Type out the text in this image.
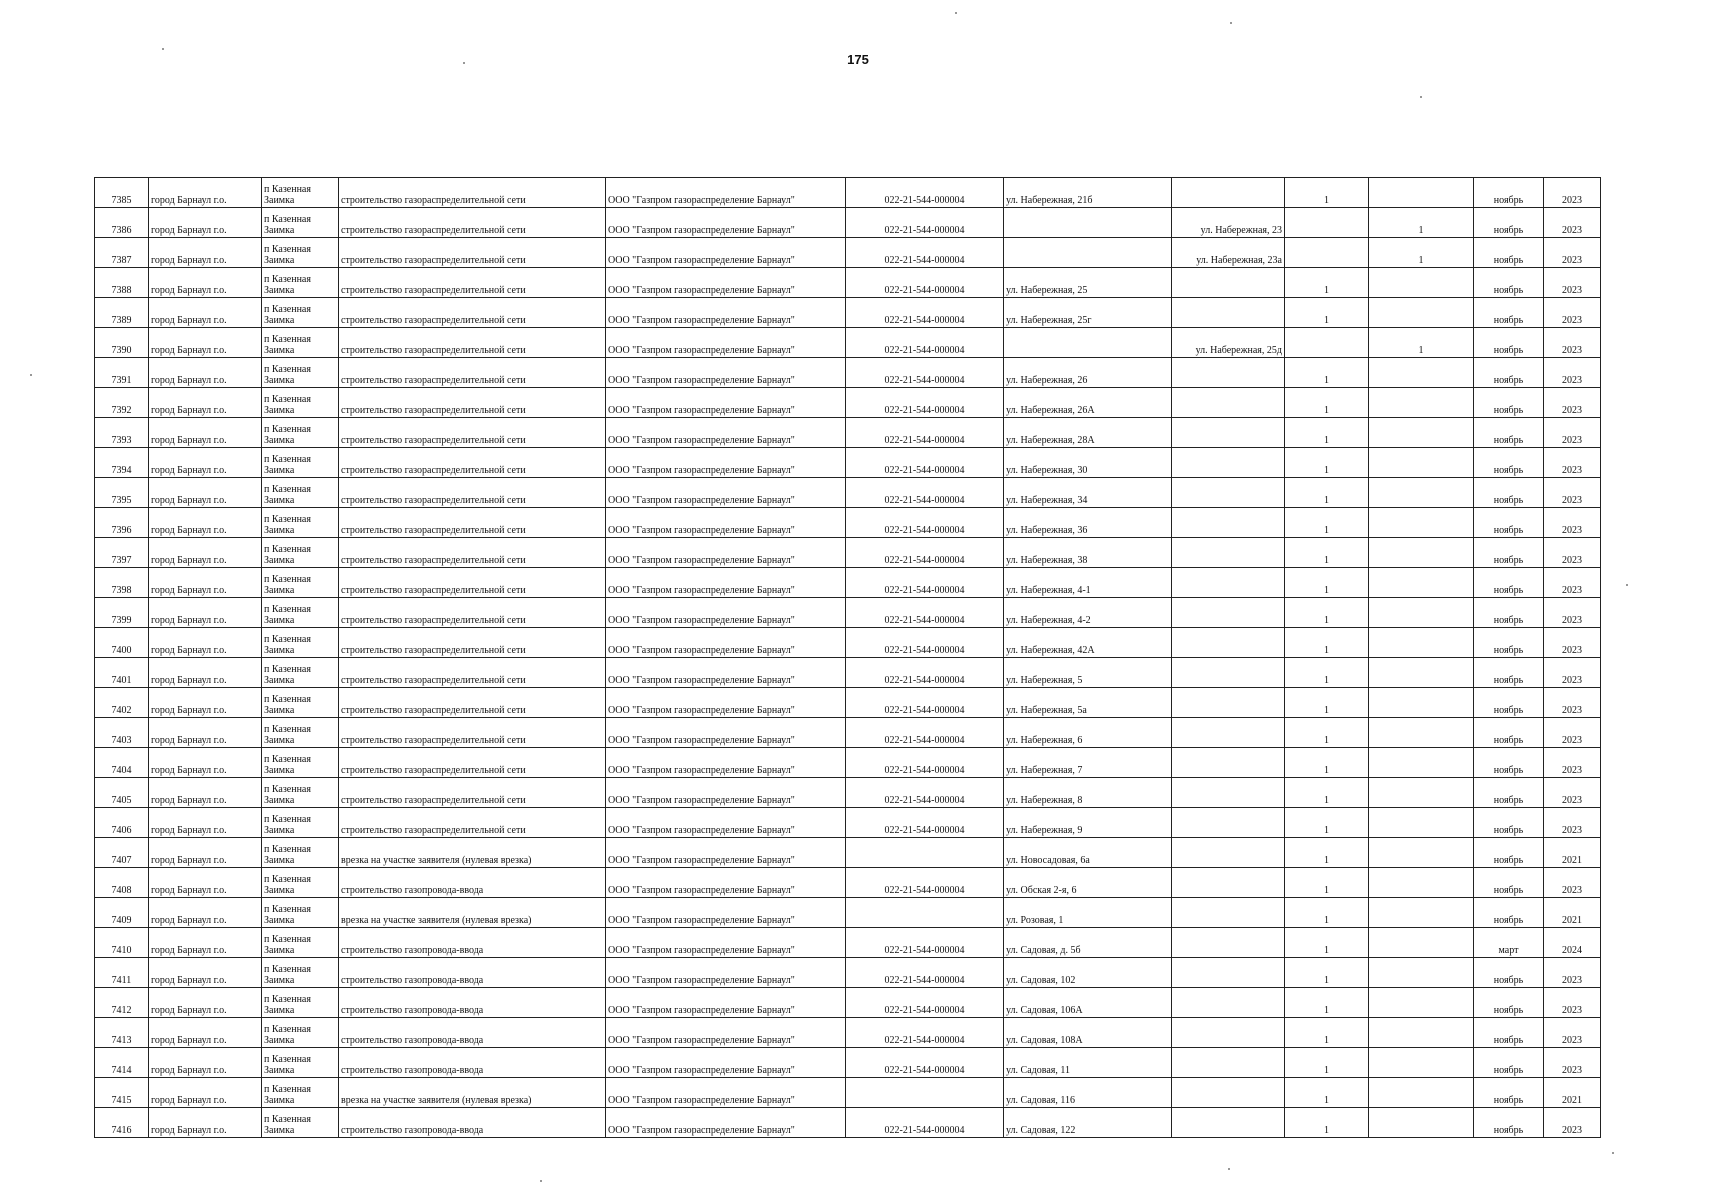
175
7385	город Барнаул г.о.	п Казенная Заимка	строительство газораспределительной сети	ООО "Газпром газораспределение Барнаул"	022-21-544-000004	ул. Набережная, 21б		1		ноябрь	2023
7386	город Барнаул г.о.	п Казенная Заимка	строительство газораспределительной сети	ООО "Газпром газораспределение Барнаул"	022-21-544-000004		ул. Набережная, 23		1	ноябрь	2023
7387	город Барнаул г.о.	п Казенная Заимка	строительство газораспределительной сети	ООО "Газпром газораспределение Барнаул"	022-21-544-000004		ул. Набережная, 23а		1	ноябрь	2023
7388	город Барнаул г.о.	п Казенная Заимка	строительство газораспределительной сети	ООО "Газпром газораспределение Барнаул"	022-21-544-000004	ул. Набережная, 25		1		ноябрь	2023
7389	город Барнаул г.о.	п Казенная Заимка	строительство газораспределительной сети	ООО "Газпром газораспределение Барнаул"	022-21-544-000004	ул. Набережная, 25г		1		ноябрь	2023
7390	город Барнаул г.о.	п Казенная Заимка	строительство газораспределительной сети	ООО "Газпром газораспределение Барнаул"	022-21-544-000004		ул. Набережная, 25д		1	ноябрь	2023
7391	город Барнаул г.о.	п Казенная Заимка	строительство газораспределительной сети	ООО "Газпром газораспределение Барнаул"	022-21-544-000004	ул. Набережная, 26		1		ноябрь	2023
7392	город Барнаул г.о.	п Казенная Заимка	строительство газораспределительной сети	ООО "Газпром газораспределение Барнаул"	022-21-544-000004	ул. Набережная, 26А		1		ноябрь	2023
7393	город Барнаул г.о.	п Казенная Заимка	строительство газораспределительной сети	ООО "Газпром газораспределение Барнаул"	022-21-544-000004	ул. Набережная, 28А		1		ноябрь	2023
7394	город Барнаул г.о.	п Казенная Заимка	строительство газораспределительной сети	ООО "Газпром газораспределение Барнаул"	022-21-544-000004	ул. Набережная, 30		1		ноябрь	2023
7395	город Барнаул г.о.	п Казенная Заимка	строительство газораспределительной сети	ООО "Газпром газораспределение Барнаул"	022-21-544-000004	ул. Набережная, 34		1		ноябрь	2023
7396	город Барнаул г.о.	п Казенная Заимка	строительство газораспределительной сети	ООО "Газпром газораспределение Барнаул"	022-21-544-000004	ул. Набережная, 36		1		ноябрь	2023
7397	город Барнаул г.о.	п Казенная Заимка	строительство газораспределительной сети	ООО "Газпром газораспределение Барнаул"	022-21-544-000004	ул. Набережная, 38		1		ноябрь	2023
7398	город Барнаул г.о.	п Казенная Заимка	строительство газораспределительной сети	ООО "Газпром газораспределение Барнаул"	022-21-544-000004	ул. Набережная, 4-1		1		ноябрь	2023
7399	город Барнаул г.о.	п Казенная Заимка	строительство газораспределительной сети	ООО "Газпром газораспределение Барнаул"	022-21-544-000004	ул. Набережная, 4-2		1		ноябрь	2023
7400	город Барнаул г.о.	п Казенная Заимка	строительство газораспределительной сети	ООО "Газпром газораспределение Барнаул"	022-21-544-000004	ул. Набережная, 42А		1		ноябрь	2023
7401	город Барнаул г.о.	п Казенная Заимка	строительство газораспределительной сети	ООО "Газпром газораспределение Барнаул"	022-21-544-000004	ул. Набережная, 5		1		ноябрь	2023
7402	город Барнаул г.о.	п Казенная Заимка	строительство газораспределительной сети	ООО "Газпром газораспределение Барнаул"	022-21-544-000004	ул. Набережная, 5а		1		ноябрь	2023
7403	город Барнаул г.о.	п Казенная Заимка	строительство газораспределительной сети	ООО "Газпром газораспределение Барнаул"	022-21-544-000004	ул. Набережная, 6		1		ноябрь	2023
7404	город Барнаул г.о.	п Казенная Заимка	строительство газораспределительной сети	ООО "Газпром газораспределение Барнаул"	022-21-544-000004	ул. Набережная, 7		1		ноябрь	2023
7405	город Барнаул г.о.	п Казенная Заимка	строительство газораспределительной сети	ООО "Газпром газораспределение Барнаул"	022-21-544-000004	ул. Набережная, 8		1		ноябрь	2023
7406	город Барнаул г.о.	п Казенная Заимка	строительство газораспределительной сети	ООО "Газпром газораспределение Барнаул"	022-21-544-000004	ул. Набережная, 9		1		ноябрь	2023
7407	город Барнаул г.о.	п Казенная Заимка	врезка на участке заявителя (нулевая врезка)	ООО "Газпром газораспределение Барнаул"		ул. Новосадовая, 6а		1		ноябрь	2021
7408	город Барнаул г.о.	п Казенная Заимка	строительство газопровода-ввода	ООО "Газпром газораспределение Барнаул"	022-21-544-000004	ул. Обская 2-я, 6		1		ноябрь	2023
7409	город Барнаул г.о.	п Казенная Заимка	врезка на участке заявителя (нулевая врезка)	ООО "Газпром газораспределение Барнаул"		ул. Розовая, 1		1		ноябрь	2021
7410	город Барнаул г.о.	п Казенная Заимка	строительство газопровода-ввода	ООО "Газпром газораспределение Барнаул"	022-21-544-000004	ул. Садовая, д. 5б		1		март	2024
7411	город Барнаул г.о.	п Казенная Заимка	строительство газопровода-ввода	ООО "Газпром газораспределение Барнаул"	022-21-544-000004	ул. Садовая, 102		1		ноябрь	2023
7412	город Барнаул г.о.	п Казенная Заимка	строительство газопровода-ввода	ООО "Газпром газораспределение Барнаул"	022-21-544-000004	ул. Садовая, 106А		1		ноябрь	2023
7413	город Барнаул г.о.	п Казенная Заимка	строительство газопровода-ввода	ООО "Газпром газораспределение Барнаул"	022-21-544-000004	ул. Садовая, 108А		1		ноябрь	2023
7414	город Барнаул г.о.	п Казенная Заимка	строительство газопровода-ввода	ООО "Газпром газораспределение Барнаул"	022-21-544-000004	ул. Садовая, 11		1		ноябрь	2023
7415	город Барнаул г.о.	п Казенная Заимка	врезка на участке заявителя (нулевая врезка)	ООО "Газпром газораспределение Барнаул"		ул. Садовая, 116		1		ноябрь	2021
7416	город Барнаул г.о.	п Казенная Заимка	строительство газопровода-ввода	ООО "Газпром газораспределение Барнаул"	022-21-544-000004	ул. Садовая, 122		1		ноябрь	2023
